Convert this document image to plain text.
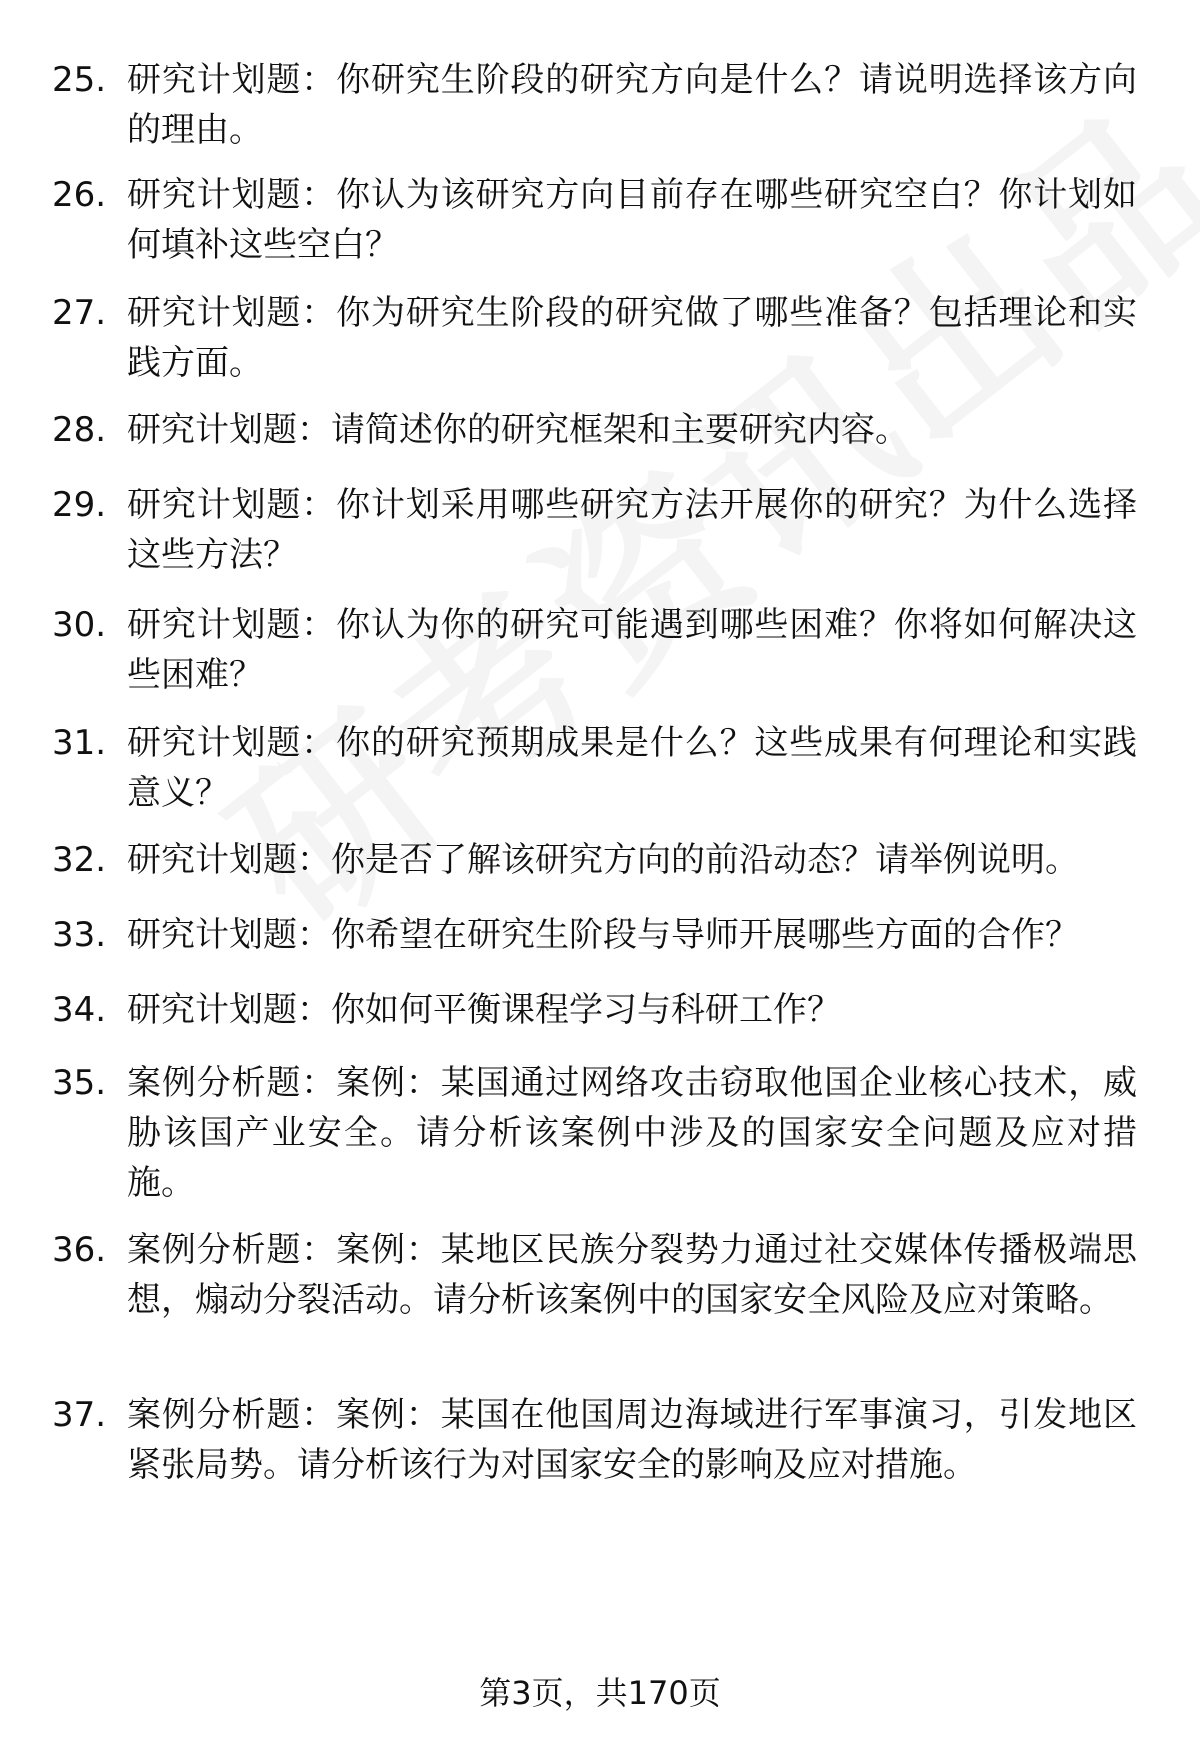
25. 研究计划题：你研究生阶段的研究方向是什么？请说明选择该方向的理由。
26. 研究计划题：你认为该研究方向目前存在哪些研究空白？你计划如何填补这些空白？
27. 研究计划题：你为研究生阶段的研究做了哪些准备？包括理论和实践方面。
28. 研究计划题：请简述你的研究框架和主要研究内容。
29. 研究计划题：你计划采用哪些研究方法开展你的研究？为什么选择这些方法？
30. 研究计划题：你认为你的研究可能遇到哪些困难？你将如何解决这些困难？
31. 研究计划题：你的研究预期成果是什么？这些成果有何理论和实践意义？
32. 研究计划题：你是否了解该研究方向的前沿动态？请举例说明。
33. 研究计划题：你希望在研究生阶段与导师开展哪些方面的合作？
34. 研究计划题：你如何平衡课程学习与科研工作？
35. 案例分析题：案例：某国通过网络攻击窃取他国企业核心技术，威胁该国产业安全。请分析该案例中涉及的国家安全问题及应对措施。
36. 案例分析题：案例：某地区民族分裂势力通过社交媒体传播极端思想，煽动分裂活动。请分析该案例中的国家安全风险及应对策略。
37. 案例分析题：案例：某国在他国周边海域进行军事演习，引发地区紧张局势。请分析该行为对国家安全的影响及应对措施。
第3页，共170页
